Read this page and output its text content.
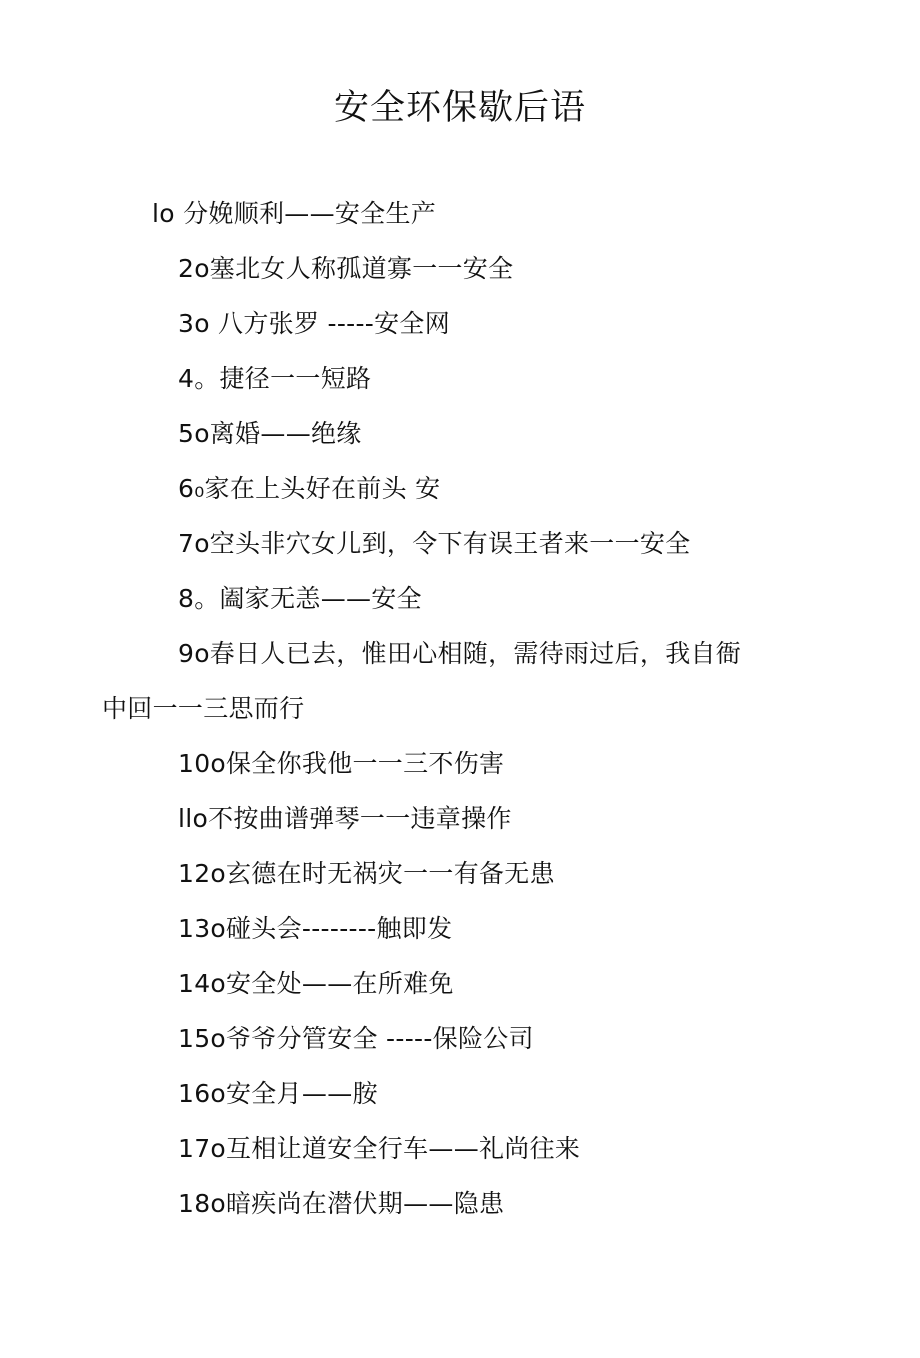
安全环保歇后语
lo 分娩顺利——安全生产
2o塞北女人称孤道寡一一安全
3o 八方张罗 -----安全网
4。捷径一一短路
5o离婚——绝缘
6₀家在上头好在前头 安
7o空头非穴女儿到，令下有误王者来一一安全
8。阖家无恙——安全
9o春日人已去，惟田心相随，需待雨过后，我自衙
中回一一三思而行
10o保全你我他一一三不伤害
llo不按曲谱弹琴一一违章操作
12o玄德在时无祸灾一一有备无患
13o碰头会--------触即发
14o安全处——在所难免
15o爷爷分管安全 -----保险公司
16o安全月——胺
17o互相让道安全行车——礼尚往来
18o暗疾尚在潜伏期——隐患
